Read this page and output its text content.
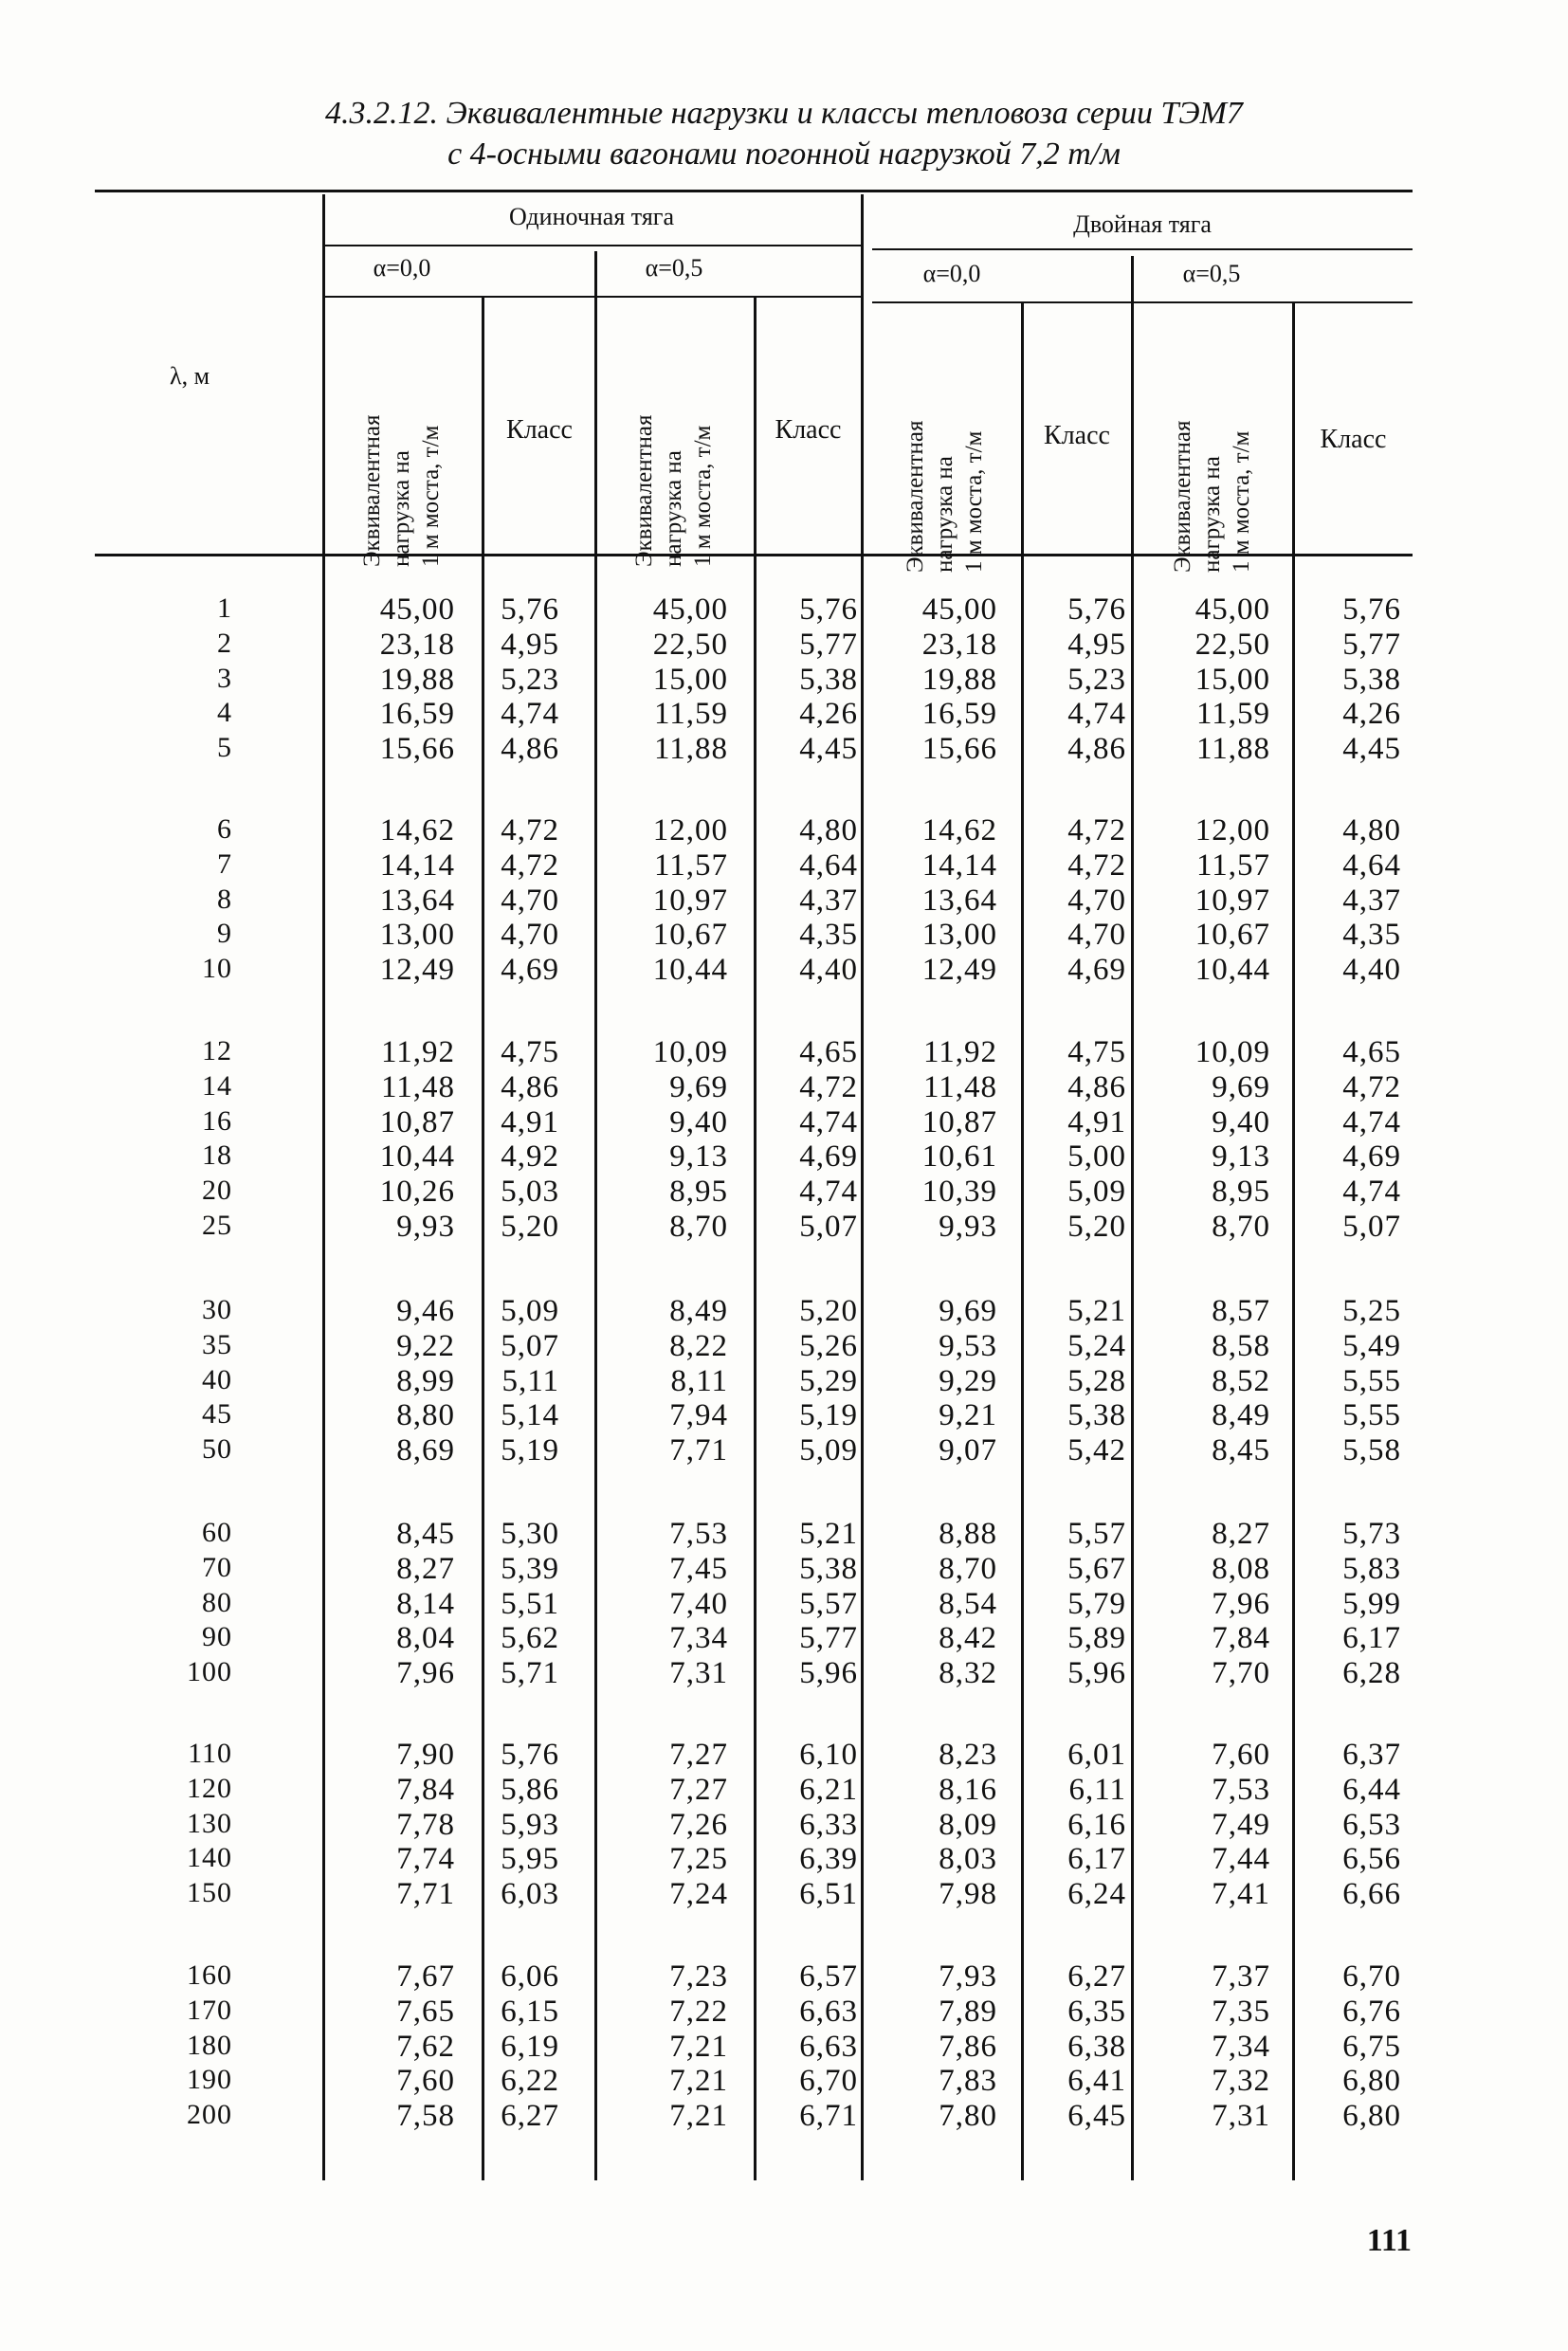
4.3.2.12. Эквивалентные нагрузки и классы тепловоза серии ТЭМ7
с 4-осными вагонами погонной нагрузкой 7,2 т/м
λ, м
Одиночная тяга	Двойная тяга
α=0,0	α=0,5	α=0,0	α=0,5
Эквивалентная
нагрузка на
1 м моста, т/м	Эквивалентная
нагрузка на
1 м моста, т/м	Эквивалентная
нагрузка на
1 м моста, т/м	Эквивалентная
нагрузка на
1 м моста, т/м
Класс	Класс	Класс	Класс
1	45,00	5,76	45,00	5,76	45,00	5,76	45,00	5,76
2	23,18	4,95	22,50	5,77	23,18	4,95	22,50	5,77
3	19,88	5,23	15,00	5,38	19,88	5,23	15,00	5,38
4	16,59	4,74	11,59	4,26	16,59	4,74	11,59	4,26
5	15,66	4,86	11,88	4,45	15,66	4,86	11,88	4,45
6	14,62	4,72	12,00	4,80	14,62	4,72	12,00	4,80
7	14,14	4,72	11,57	4,64	14,14	4,72	11,57	4,64
8	13,64	4,70	10,97	4,37	13,64	4,70	10,97	4,37
9	13,00	4,70	10,67	4,35	13,00	4,70	10,67	4,35
10	12,49	4,69	10,44	4,40	12,49	4,69	10,44	4,40
12	11,92	4,75	10,09	4,65	11,92	4,75	10,09	4,65
14	11,48	4,86	9,69	4,72	11,48	4,86	9,69	4,72
16	10,87	4,91	9,40	4,74	10,87	4,91	9,40	4,74
18	10,44	4,92	9,13	4,69	10,61	5,00	9,13	4,69
20	10,26	5,03	8,95	4,74	10,39	5,09	8,95	4,74
25	9,93	5,20	8,70	5,07	9,93	5,20	8,70	5,07
30	9,46	5,09	8,49	5,20	9,69	5,21	8,57	5,25
35	9,22	5,07	8,22	5,26	9,53	5,24	8,58	5,49
40	8,99	5,11	8,11	5,29	9,29	5,28	8,52	5,55
45	8,80	5,14	7,94	5,19	9,21	5,38	8,49	5,55
50	8,69	5,19	7,71	5,09	9,07	5,42	8,45	5,58
60	8,45	5,30	7,53	5,21	8,88	5,57	8,27	5,73
70	8,27	5,39	7,45	5,38	8,70	5,67	8,08	5,83
80	8,14	5,51	7,40	5,57	8,54	5,79	7,96	5,99
90	8,04	5,62	7,34	5,77	8,42	5,89	7,84	6,17
100	7,96	5,71	7,31	5,96	8,32	5,96	7,70	6,28
110	7,90	5,76	7,27	6,10	8,23	6,01	7,60	6,37
120	7,84	5,86	7,27	6,21	8,16	6,11	7,53	6,44
130	7,78	5,93	7,26	6,33	8,09	6,16	7,49	6,53
140	7,74	5,95	7,25	6,39	8,03	6,17	7,44	6,56
150	7,71	6,03	7,24	6,51	7,98	6,24	7,41	6,66
160	7,67	6,06	7,23	6,57	7,93	6,27	7,37	6,70
170	7,65	6,15	7,22	6,63	7,89	6,35	7,35	6,76
180	7,62	6,19	7,21	6,63	7,86	6,38	7,34	6,75
190	7,60	6,22	7,21	6,70	7,83	6,41	7,32	6,80
200	7,58	6,27	7,21	6,71	7,80	6,45	7,31	6,80
111
